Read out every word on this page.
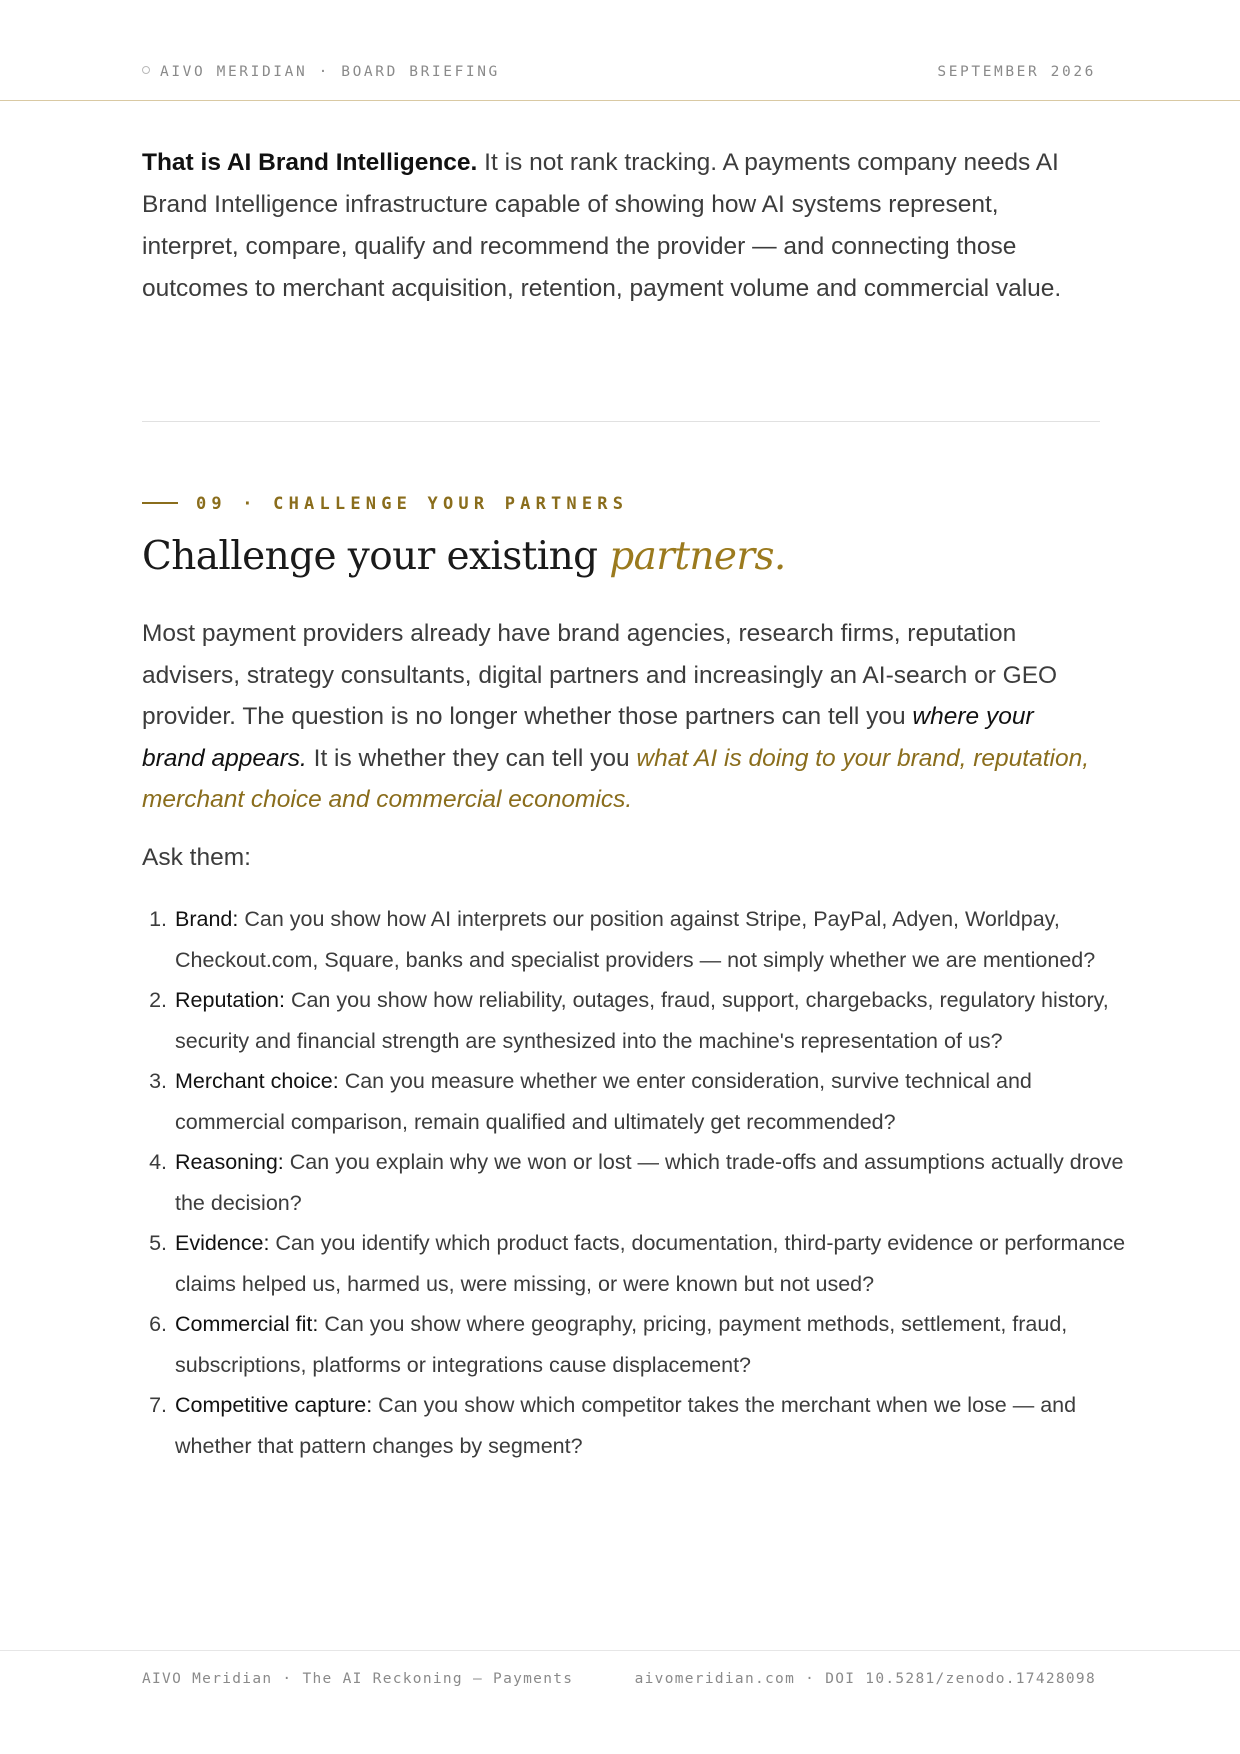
AIVO MERIDIAN · BOARD BRIEFING	SEPTEMBER 2026
That is AI Brand Intelligence. It is not rank tracking. A payments company needs AI Brand Intelligence infrastructure capable of showing how AI systems represent, interpret, compare, qualify and recommend the provider — and connecting those outcomes to merchant acquisition, retention, payment volume and commercial value.
09 · CHALLENGE YOUR PARTNERS
Challenge your existing partners.
Most payment providers already have brand agencies, research firms, reputation advisers, strategy consultants, digital partners and increasingly an AI-search or GEO provider. The question is no longer whether those partners can tell you where your brand appears. It is whether they can tell you what AI is doing to your brand, reputation, merchant choice and commercial economics.
Ask them:
1. Brand: Can you show how AI interprets our position against Stripe, PayPal, Adyen, Worldpay, Checkout.com, Square, banks and specialist providers — not simply whether we are mentioned?
2. Reputation: Can you show how reliability, outages, fraud, support, chargebacks, regulatory history, security and financial strength are synthesized into the machine's representation of us?
3. Merchant choice: Can you measure whether we enter consideration, survive technical and commercial comparison, remain qualified and ultimately get recommended?
4. Reasoning: Can you explain why we won or lost — which trade-offs and assumptions actually drove the decision?
5. Evidence: Can you identify which product facts, documentation, third-party evidence or performance claims helped us, harmed us, were missing, or were known but not used?
6. Commercial fit: Can you show where geography, pricing, payment methods, settlement, fraud, subscriptions, platforms or integrations cause displacement?
7. Competitive capture: Can you show which competitor takes the merchant when we lose — and whether that pattern changes by segment?
AIVO Meridian · The AI Reckoning — Payments	aivomeridian.com · DOI 10.5281/zenodo.17428098
